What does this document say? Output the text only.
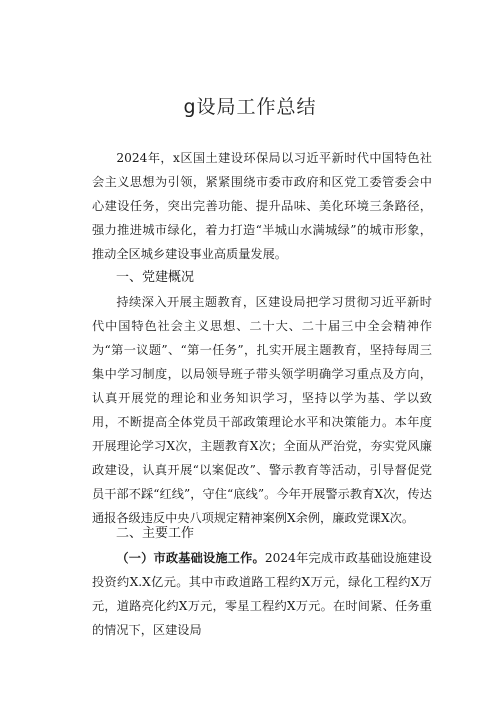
g设局工作总结

2024年，x区国土建设环保局以习近平新时代中国特色社会主义思想为引领，紧紧围绕市委市政府和区党工委管委会中心建设任务，突出完善功能、提升品味、美化环境三条路径，强力推进城市绿化，着力打造“半城山水满城绿”的城市形象，推动全区城乡建设事业高质量发展。

一、党建概况

持续深入开展主题教育，区建设局把学习贯彻习近平新时代中国特色社会主义思想、二十大、二十届三中全会精神作为“第一议题”、“第一任务”，扎实开展主题教育，坚持每周三集中学习制度，以局领导班子带头领学明确学习重点及方向，认真开展党的理论和业务知识学习，坚持以学为基、学以致用，不断提高全体党员干部政策理论水平和决策能力。本年度开展理论学习X次，主题教育X次；全面从严治党，夯实党风廉政建设，认真开展“以案促改”、警示教育等活动，引导督促党员干部不踩“红线”，守住“底线”。今年开展警示教育X次，传达通报各级违反中央八项规定精神案例X余例，廉政党课X次。

二、主要工作

（一）市政基础设施工作。2024年完成市政基础设施建设投资约X.X亿元。其中市政道路工程约X万元，绿化工程约X万元，道路亮化约X万元，零星工程约X万元。在时间紧、任务重的情况下，区建设局
